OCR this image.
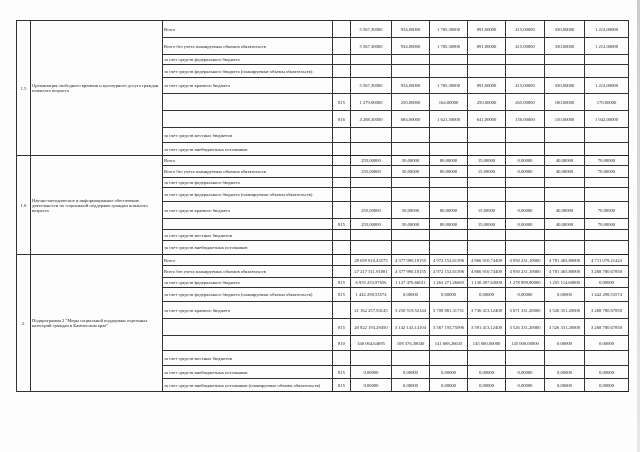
1.5	Организация свободного времени и культурного досуга граждан пожилого возраста	Всего		5 567,30000	934,00000	1 785,30000	891,00000	415,00000	330,00000	1 212,00000
		Всего без учета планируемых объемов обязательств		5 567,30000	934,00000	1 785,30000	891,00000	415,00000	330,00000	1 212,00000
		за счет средств федерального бюджета								
		за счет средств федерального бюджета (планируемые объемы обязательств)								
		за счет средств краевого бюджета		5 567,30000	934,00000	1 785,30000	891,00000	415,00000	330,00000	1 212,00000
			815	1 279,00000	250,00000	164,00000	250,00000	265,00000	180,00000	170,00000
			816	4 288,30000	684,00000	1 621,30000	641,00000	150,00000	150,00000	1 042,00000
		за счет средств местных бюджетов								
		за счет средств внебюджетных источников								
1.6	Научно-методическое и информационное обеспечение деятельности по социальной поддержке граждан пожилого возраста	Всего		255,00000	50,00000	80,00000	15,00000	0,00000	40,00000	70,00000
		Всего без учета планируемых объемов обязательств		255,00000	50,00000	80,00000	15,00000	0,00000	40,00000	70,00000
		за счет средств федерального бюджета								
		за счет средств федерального бюджета (планируемые объемы обязательств)								
		за счет средств краевого бюджета		255,00000	50,00000	80,00000	15,00000	0,00000	40,00000	70,00000
			815	255,00000	50,00000	80,00000	15,00000	0,00000	40,00000	70,00000
		за счет средств местных бюджетов								
		за счет средств внебюджетных источников								
2.	Подпрограмма 2 "Меры социальной поддержки отдельных категорий граждан в Камчатском крае"	Всего		28 659 810,45575	4 377 990,18155	4 972 152,61396	4 866 910,74400	4 950 231,10000	4 781 465,80000	4 711 079,21424
		Всего без учета планируемых объемов обязательств		27 217 511,91881	4 377 990,18155	4 972 152,61396	4 866 910,74400	4 950 231,10000	4 781 465,80000	3 268 780,67850
		за счет средств федерального бюджета	815	6 955 253,97656	1 127 470,66011	1 263 271,26665	1 130 497,63000	1 278 899,90000	1 255 114,60000	0,00000
		за счет средств федерального бюджета (планируемые объемы обязательств)	815	1 442 298,53574	0,00000	0,00000	0,00000	0,00000	0,00000	1 442 298,53574
		за счет средств краевого бюджета		21 162 257,94145	3 250 519,52144	3 708 881,31731	3 736 413,12400	3 671 331,20000	3 526 351,20000	3 268 780,67850
			815	20 822 193,29450	3 142 143,14104	3 567 193,75096	3 591 413,12400	3 526 331,20000	3 526 331,20000	3 268 780,67850
			810	340 064,64695	108 376,38040	141 688,26635	145 000,00000	145 000,00000	0,00000	0,00000
		за счет средств местных бюджетов								
		за счет средств внебюджетных источников	815	0,00000	0,00000	0,00000	0,00000	0,00000	0,00000	0,00000
		за счет средств внебюджетных источников (планируемые объемы обязательств)	815	0,00000	0,00000	0,00000	0,00000	0,00000	0,00000	0,00000
